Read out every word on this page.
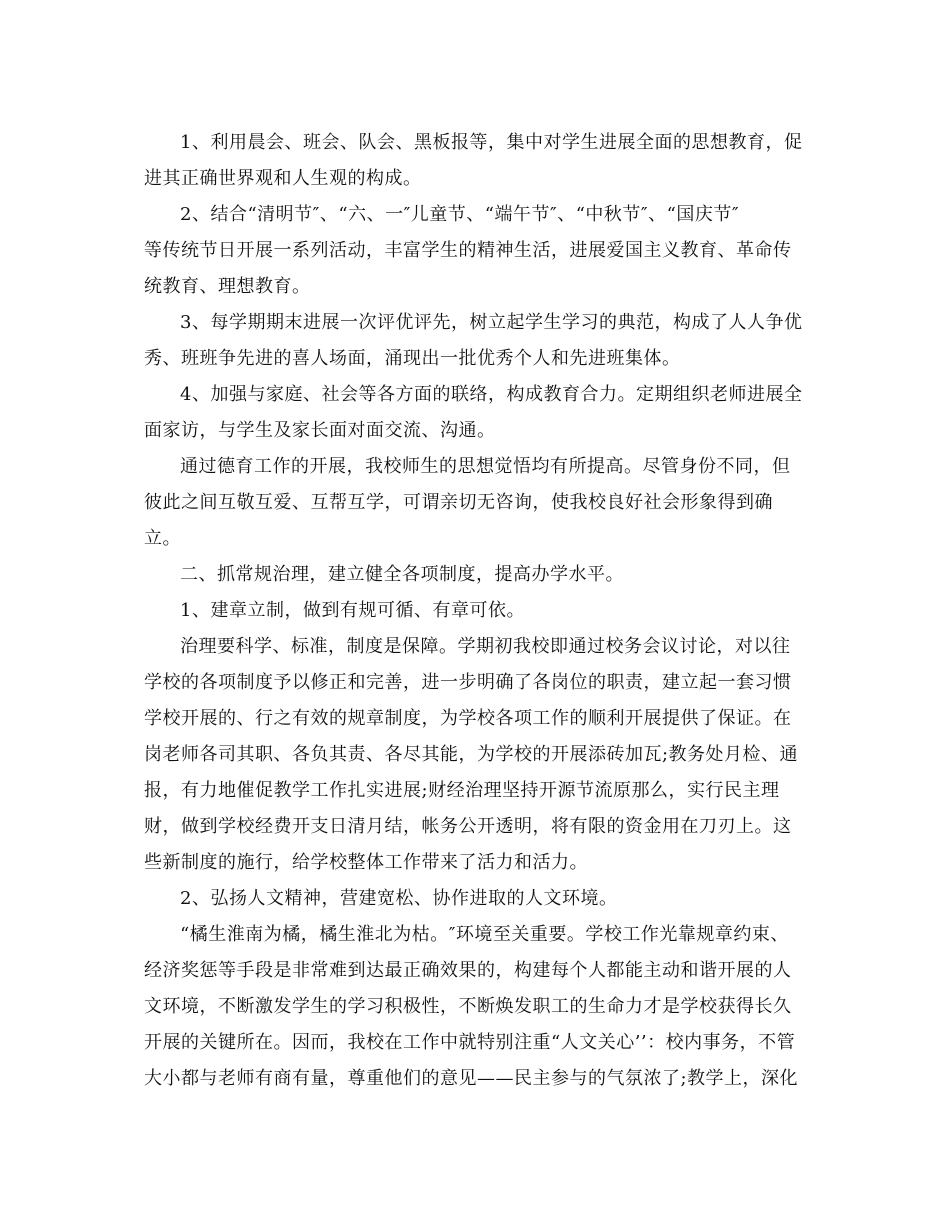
1、利用晨会、班会、队会、黑板报等，集中对学生进展全面的思想教育，促
进其正确世界观和人生观的构成。
2、结合“清明节″、“六、一″儿童节、“端午节″、“中秋节″、“国庆节″
等传统节日开展一系列活动，丰富学生的精神生活，进展爱国主义教育、革命传
统教育、理想教育。
3、每学期期末进展一次评优评先，树立起学生学习的典范，构成了人人争优
秀、班班争先进的喜人场面，涌现出一批优秀个人和先进班集体。
4、加强与家庭、社会等各方面的联络，构成教育合力。定期组织老师进展全
面家访，与学生及家长面对面交流、沟通。
通过德育工作的开展，我校师生的思想觉悟均有所提高。尽管身份不同，但
彼此之间互敬互爱、互帮互学，可谓亲切无咨询，使我校良好社会形象得到确
立。
二、抓常规治理，建立健全各项制度，提高办学水平。
1、建章立制，做到有规可循、有章可依。
治理要科学、标准，制度是保障。学期初我校即通过校务会议讨论，对以往
学校的各项制度予以修正和完善，进一步明确了各岗位的职责，建立起一套习惯
学校开展的、行之有效的规章制度，为学校各项工作的顺利开展提供了保证。在
岗老师各司其职、各负其责、各尽其能，为学校的开展添砖加瓦;教务处月检、通
报，有力地催促教学工作扎实进展;财经治理坚持开源节流原那么，实行民主理
财，做到学校经费开支日清月结，帐务公开透明，将有限的资金用在刀刃上。这
些新制度的施行，给学校整体工作带来了活力和活力。
2、弘扬人文精神，营建宽松、协作进取的人文环境。
“橘生淮南为橘，橘生淮北为枯。″环境至关重要。学校工作光靠规章约束、
经济奖惩等手段是非常难到达最正确效果的，构建每个人都能主动和谐开展的人
文环境，不断激发学生的学习积极性，不断焕发职工的生命力才是学校获得长久
开展的关键所在。因而，我校在工作中就特别注重“人文关心’’：校内事务，不管
大小都与老师有商有量，尊重他们的意见——民主参与的气氛浓了;教学上，深化
